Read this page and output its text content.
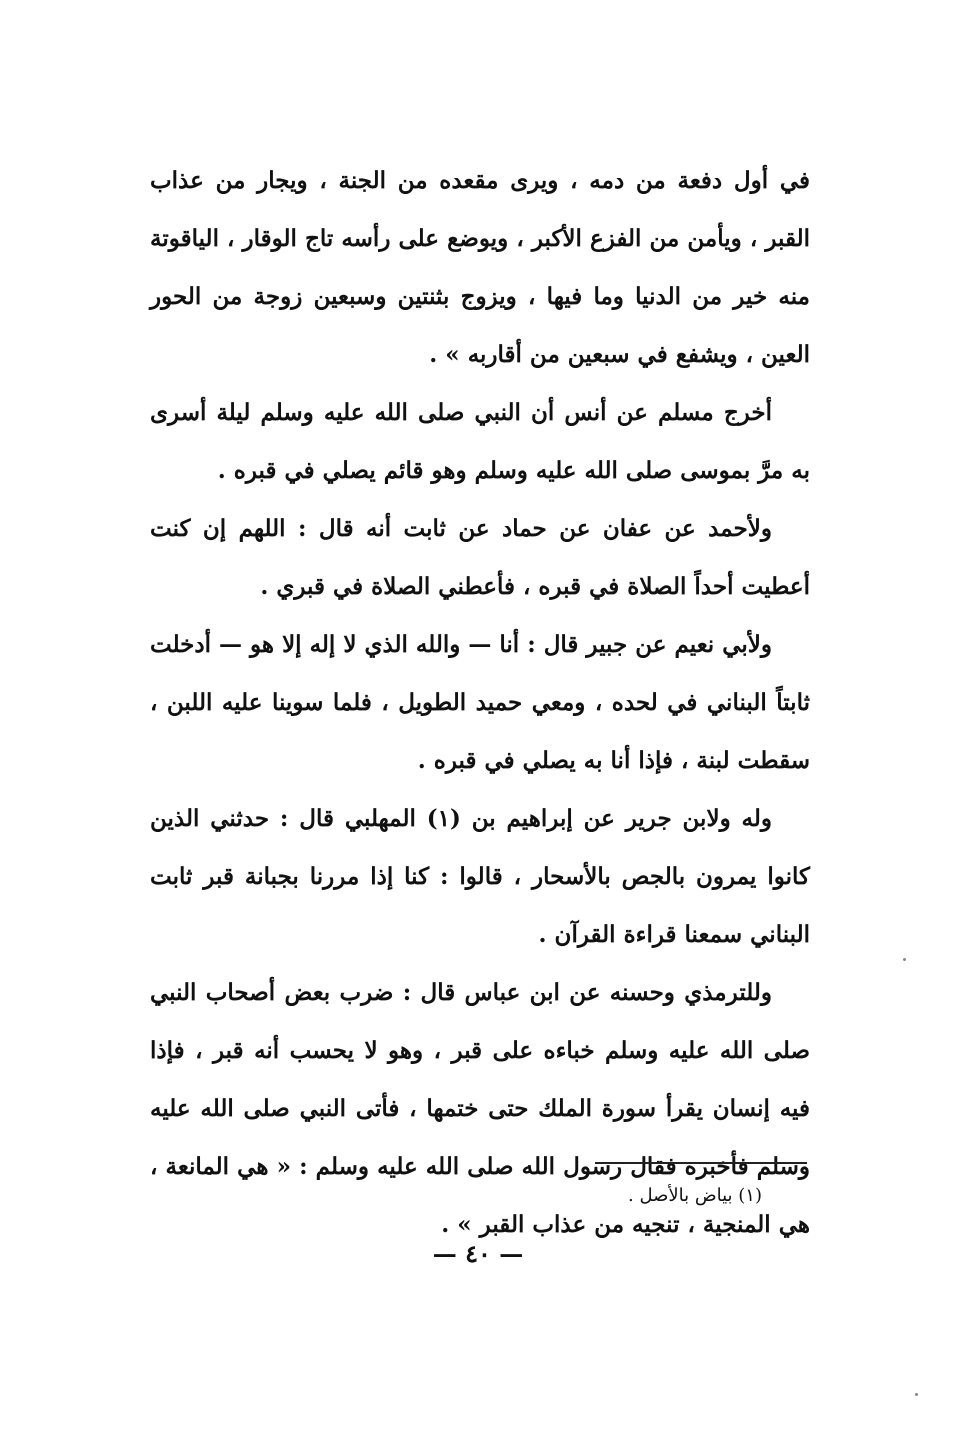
في أول دفعة من دمه ، ويرى مقعده من الجنة ، ويجار من عذاب القبر ، ويأمن من الفزع الأكبر ، ويوضع على رأسه تاج الوقار ، الياقوتة منه خير من الدنيا وما فيها ، ويزوج بثنتين وسبعين زوجة من الحور العين ، ويشفع في سبعين من أقاربه » .

أخرج مسلم عن أنس أن النبي صلى الله عليه وسلم ليلة أسرى به مرَّ بموسى صلى الله عليه وسلم وهو قائم يصلي في قبره .

ولأحمد عن عفان عن حماد عن ثابت أنه قال : اللهم إن كنت أعطيت أحداً الصلاة في قبره ، فأعطني الصلاة في قبري .

ولأبي نعيم عن جبير قال : أنا — والله الذي لا إله إلا هو — أدخلت ثابتاً البناني في لحده ، ومعي حميد الطويل ، فلما سوينا عليه اللبن ، سقطت لبنة ، فإذا أنا به يصلي في قبره .

وله ولابن جرير عن إبراهيم بن (١) المهلبي قال : حدثني الذين كانوا يمرون بالجص بالأسحار ، قالوا : كنا إذا مررنا بجبانة قبر ثابت البناني سمعنا قراءة القرآن .

وللترمذي وحسنه عن ابن عباس قال : ضرب بعض أصحاب النبي صلى الله عليه وسلم خباءه على قبر ، وهو لا يحسب أنه قبر ، فإذا فيه إنسان يقرأ سورة الملك حتى ختمها ، فأتى النبي صلى الله عليه وسلم فأخبره فقال رسول الله صلى الله عليه وسلم : « هي المانعة ، هي المنجية ، تنجيه من عذاب القبر » .

(١) بياض بالأصل .
— ٤٠ —
